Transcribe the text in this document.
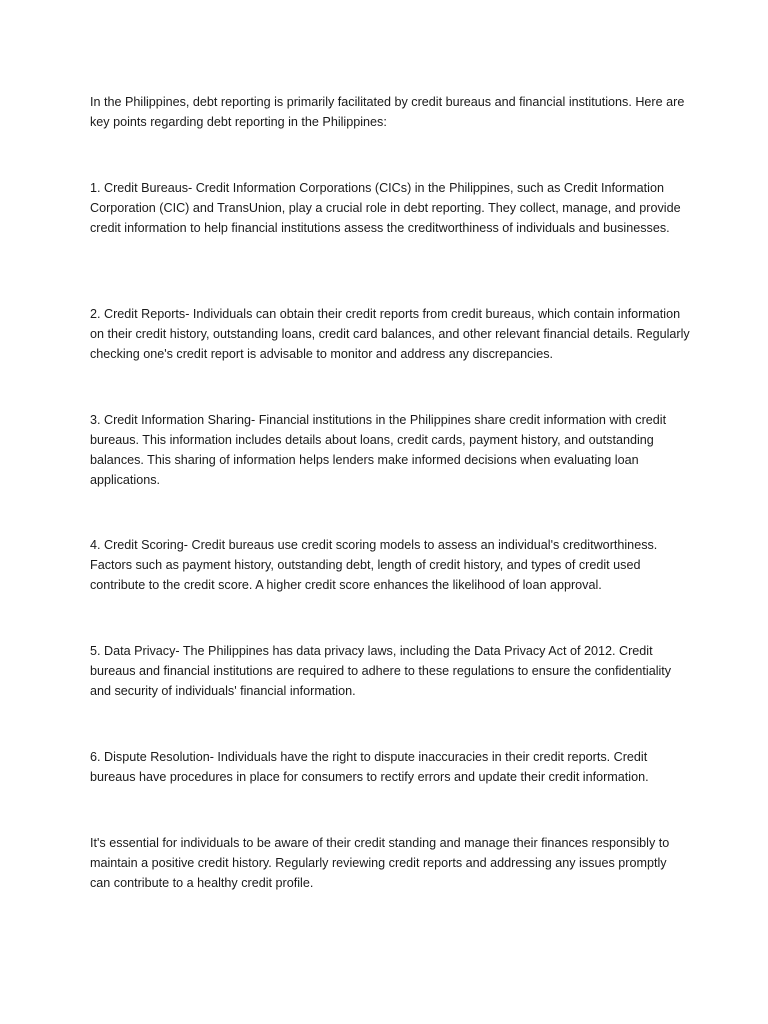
In the Philippines, debt reporting is primarily facilitated by credit bureaus and financial institutions. Here are key points regarding debt reporting in the Philippines:

1. Credit Bureaus- Credit Information Corporations (CICs) in the Philippines, such as Credit Information Corporation (CIC) and TransUnion, play a crucial role in debt reporting. They collect, manage, and provide credit information to help financial institutions assess the creditworthiness of individuals and businesses.

2. Credit Reports- Individuals can obtain their credit reports from credit bureaus, which contain information on their credit history, outstanding loans, credit card balances, and other relevant financial details. Regularly checking one's credit report is advisable to monitor and address any discrepancies.

3. Credit Information Sharing- Financial institutions in the Philippines share credit information with credit bureaus. This information includes details about loans, credit cards, payment history, and outstanding balances. This sharing of information helps lenders make informed decisions when evaluating loan applications.

4. Credit Scoring- Credit bureaus use credit scoring models to assess an individual's creditworthiness. Factors such as payment history, outstanding debt, length of credit history, and types of credit used contribute to the credit score. A higher credit score enhances the likelihood of loan approval.

5. Data Privacy- The Philippines has data privacy laws, including the Data Privacy Act of 2012. Credit bureaus and financial institutions are required to adhere to these regulations to ensure the confidentiality and security of individuals' financial information.

6. Dispute Resolution- Individuals have the right to dispute inaccuracies in their credit reports. Credit bureaus have procedures in place for consumers to rectify errors and update their credit information.

It's essential for individuals to be aware of their credit standing and manage their finances responsibly to maintain a positive credit history. Regularly reviewing credit reports and addressing any issues promptly can contribute to a healthy credit profile.
